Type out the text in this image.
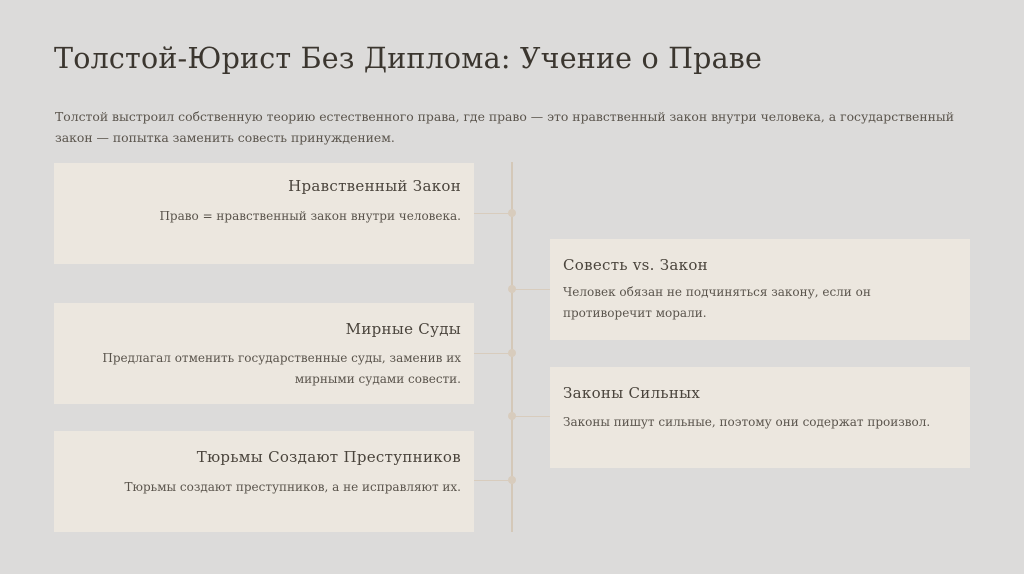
Толстой-Юрист Без Диплома: Учение о Праве
Толстой выстроил собственную теорию естественного права, где право — это нравственный закон внутри человека, а государственный закон — попытка заменить совесть принуждением.
Нравственный Закон
Право = нравственный закон внутри человека.
Совесть vs. Закон
Человек обязан не подчиняться закону, если он противоречит морали.
Мирные Суды
Предлагал отменить государственные суды, заменив их мирными судами совести.
Законы Сильных
Законы пишут сильные, поэтому они содержат произвол.
Тюрьмы Создают Преступников
Тюрьмы создают преступников, а не исправляют их.
